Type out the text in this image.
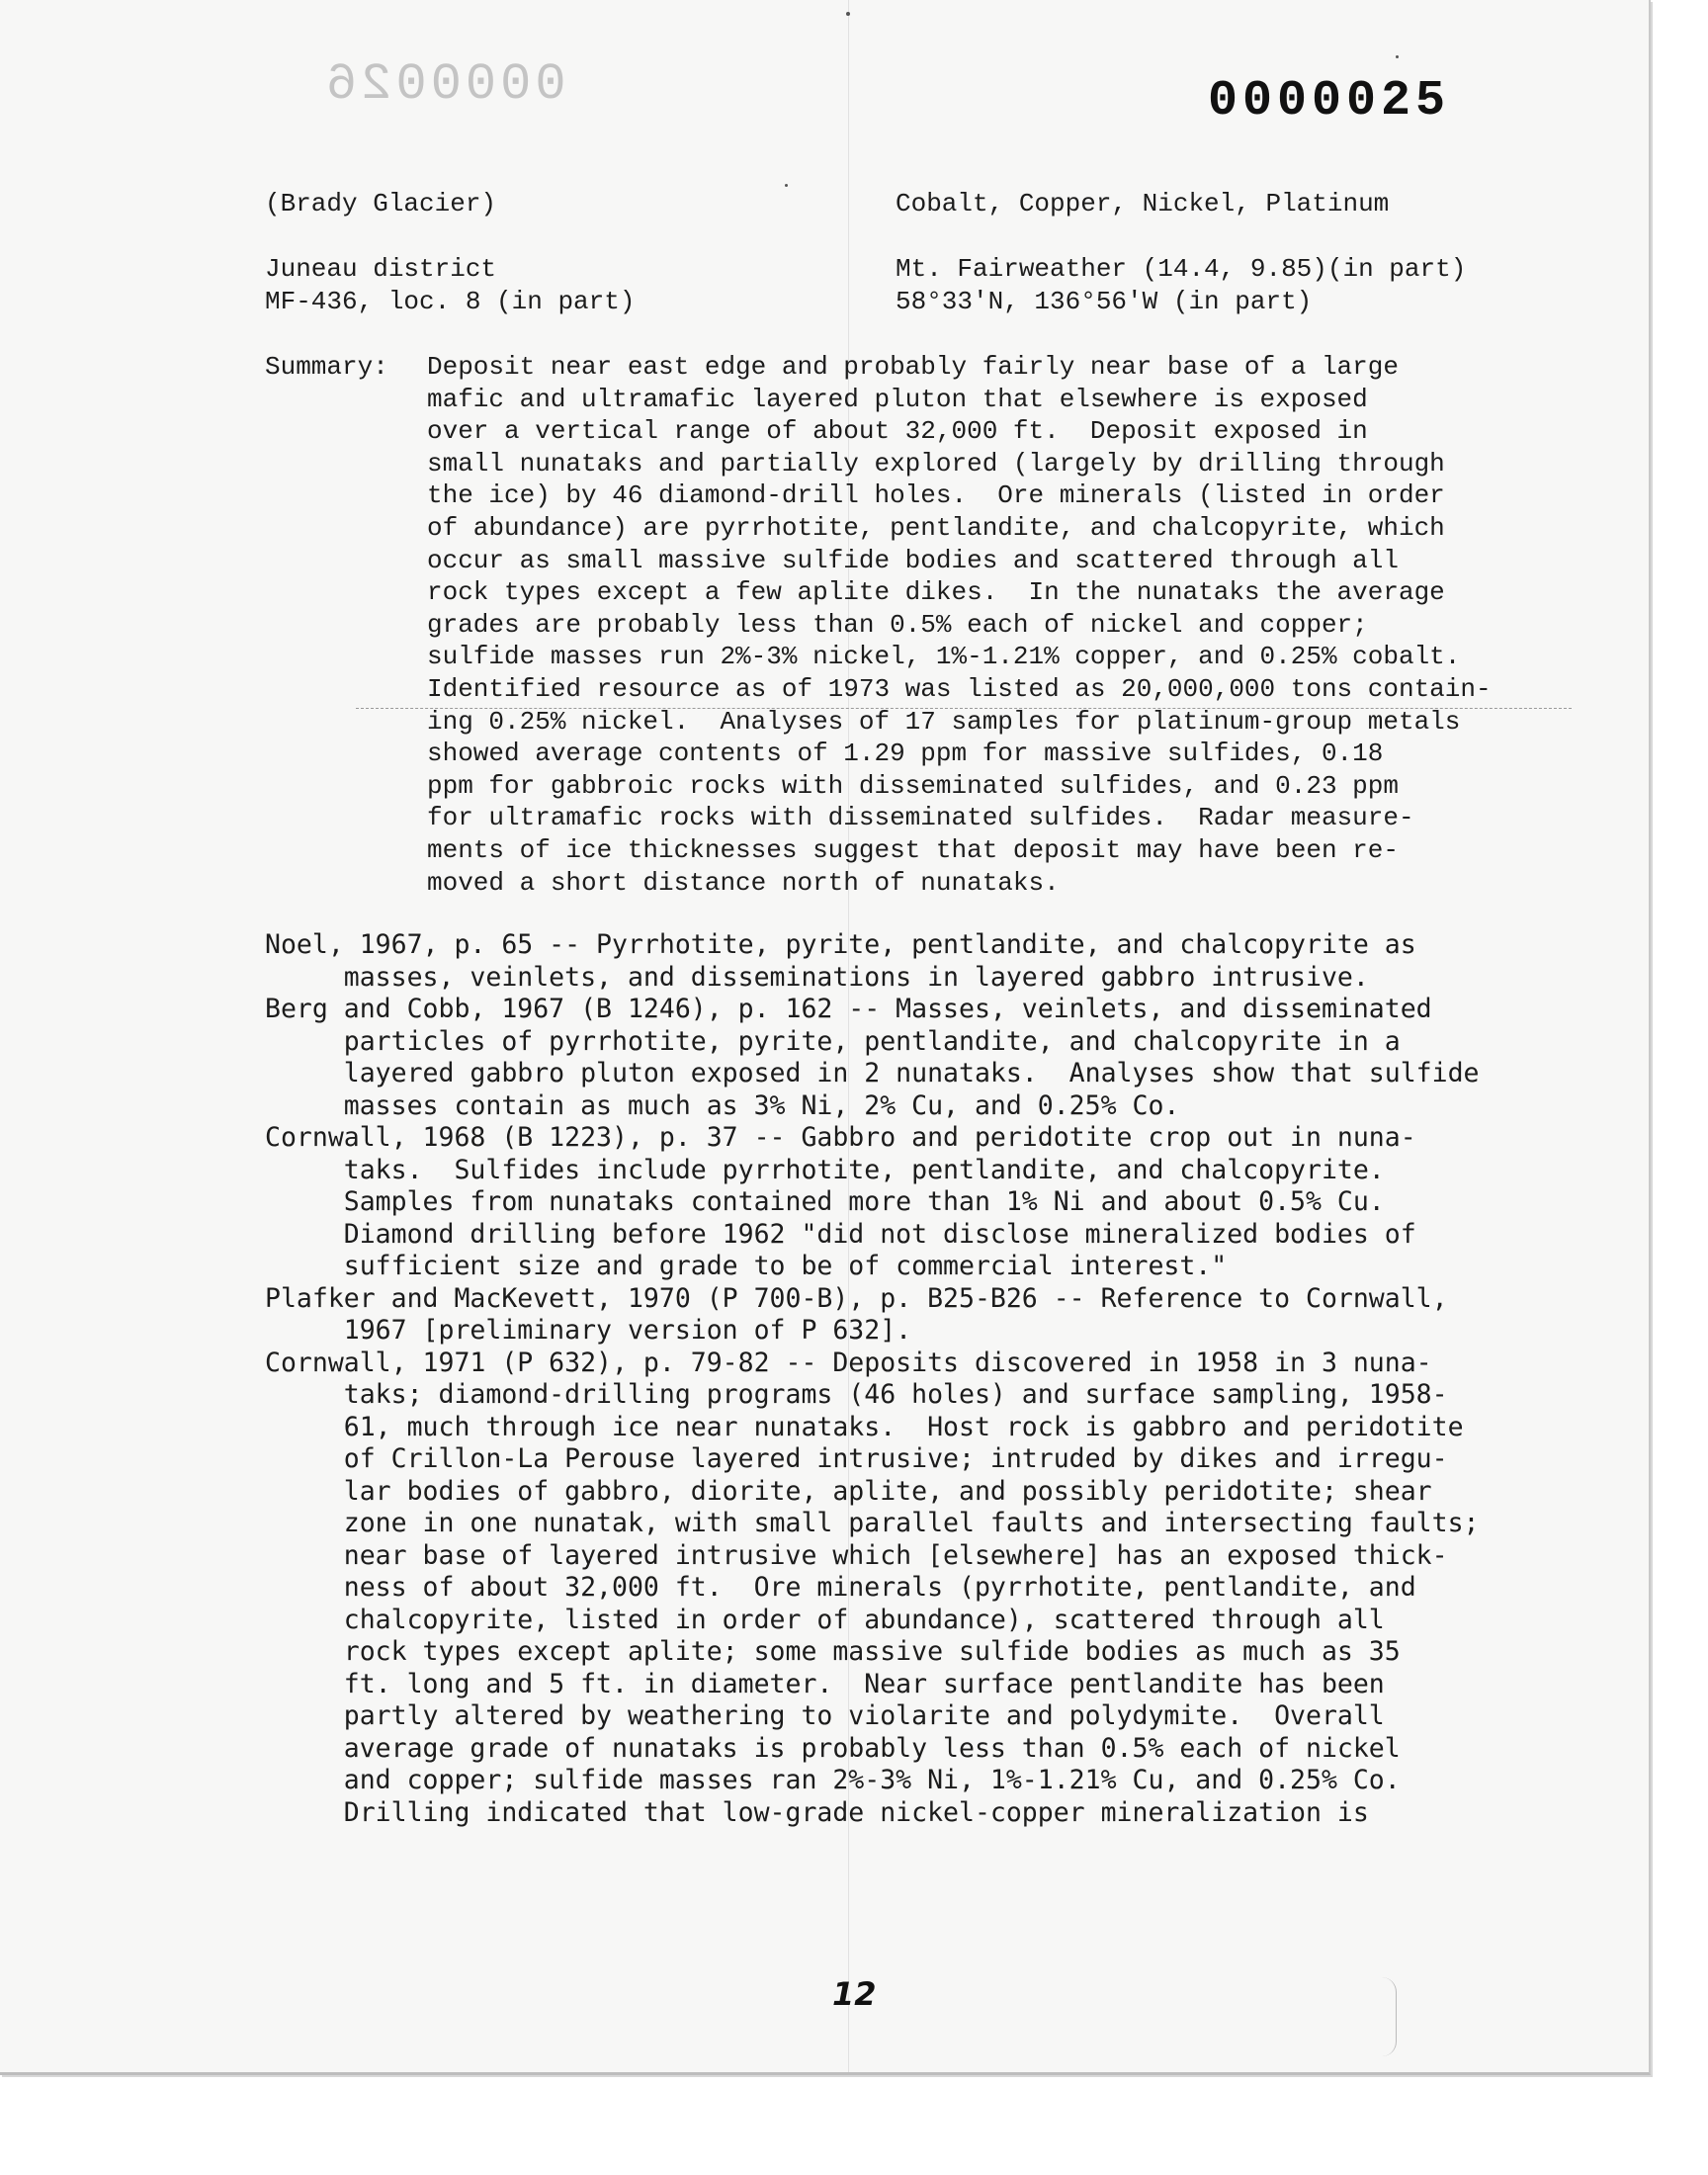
0000026	0000025
(Brady Glacier)	Cobalt, Copper, Nickel, Platinum
Juneau district	Mt. Fairweather (14.4, 9.85)(in part)
MF-436, loc. 8 (in part)	58°33'N, 136°56'W (in part)
Summary: Deposit near east edge and probably fairly near base of a large
mafic and ultramafic layered pluton that elsewhere is exposed
over a vertical range of about 32,000 ft.  Deposit exposed in
small nunataks and partially explored (largely by drilling through
the ice) by 46 diamond-drill holes.  Ore minerals (listed in order
of abundance) are pyrrhotite, pentlandite, and chalcopyrite, which
occur as small massive sulfide bodies and scattered through all
rock types except a few aplite dikes.  In the nunataks the average
grades are probably less than 0.5% each of nickel and copper;
sulfide masses run 2%-3% nickel, 1%-1.21% copper, and 0.25% cobalt.
Identified resource as of 1973 was listed as 20,000,000 tons contain-
ing 0.25% nickel.  Analyses of 17 samples for platinum-group metals
showed average contents of 1.29 ppm for massive sulfides, 0.18
ppm for gabbroic rocks with disseminated sulfides, and 0.23 ppm
for ultramafic rocks with disseminated sulfides.  Radar measure-
ments of ice thicknesses suggest that deposit may have been re-
moved a short distance north of nunataks.
Noel, 1967, p. 65 -- Pyrrhotite, pyrite, pentlandite, and chalcopyrite as
masses, veinlets, and disseminations in layered gabbro intrusive.
Berg and Cobb, 1967 (B 1246), p. 162 -- Masses, veinlets, and disseminated
particles of pyrrhotite, pyrite, pentlandite, and chalcopyrite in a
layered gabbro pluton exposed in 2 nunataks.  Analyses show that sulfide
masses contain as much as 3% Ni, 2% Cu, and 0.25% Co.
Cornwall, 1968 (B 1223), p. 37 -- Gabbro and peridotite crop out in nuna-
taks.  Sulfides include pyrrhotite, pentlandite, and chalcopyrite.
Samples from nunataks contained more than 1% Ni and about 0.5% Cu.
Diamond drilling before 1962 "did not disclose mineralized bodies of
sufficient size and grade to be of commercial interest."
Plafker and MacKevett, 1970 (P 700-B), p. B25-B26 -- Reference to Cornwall,
1967 [preliminary version of P 632].
Cornwall, 1971 (P 632), p. 79-82 -- Deposits discovered in 1958 in 3 nuna-
taks; diamond-drilling programs (46 holes) and surface sampling, 1958-
61, much through ice near nunataks.  Host rock is gabbro and peridotite
of Crillon-La Perouse layered intrusive; intruded by dikes and irregu-
lar bodies of gabbro, diorite, aplite, and possibly peridotite; shear
zone in one nunatak, with small parallel faults and intersecting faults;
near base of layered intrusive which [elsewhere] has an exposed thick-
ness of about 32,000 ft.  Ore minerals (pyrrhotite, pentlandite, and
chalcopyrite, listed in order of abundance), scattered through all
rock types except aplite; some massive sulfide bodies as much as 35
ft. long and 5 ft. in diameter.  Near surface pentlandite has been
partly altered by weathering to violarite and polydymite.  Overall
average grade of nunataks is probably less than 0.5% each of nickel
and copper; sulfide masses ran 2%-3% Ni, 1%-1.21% Cu, and 0.25% Co.
Drilling indicated that low-grade nickel-copper mineralization is
12
